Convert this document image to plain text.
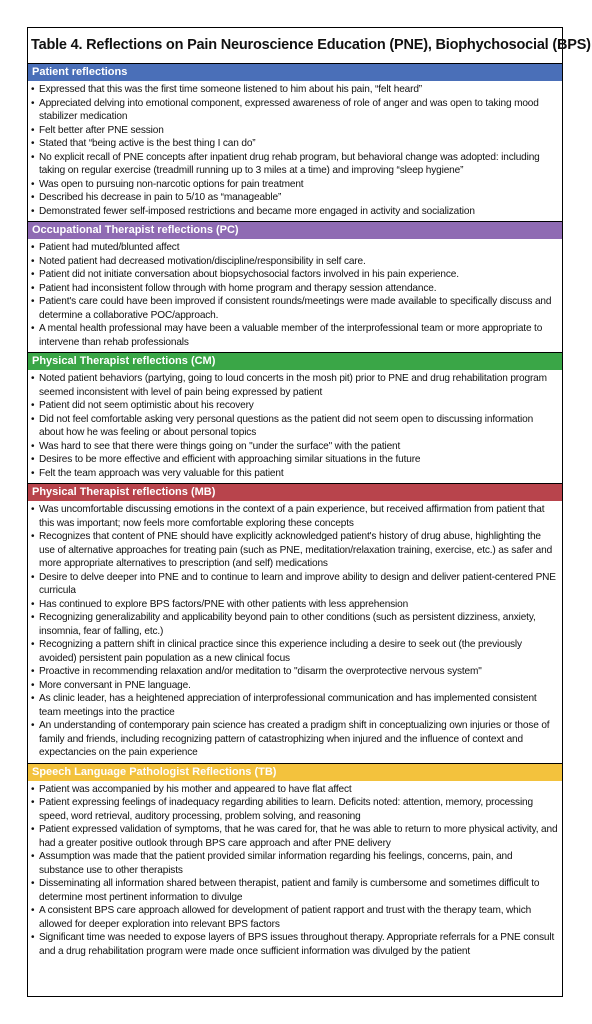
Table 4. Reflections on Pain Neuroscience Education (PNE), Biophychosocial (BPS)
Patient reflections
• Expressed that this was the first time someone listened to him about his pain, “felt heard”
• Appreciated delving into emotional component, expressed awareness of role of anger and was open to taking mood stabilizer medication
• Felt better after PNE session
• Stated that “being active is the best thing I can do”
• No explicit recall of PNE concepts after inpatient drug rehab program, but behavioral change was adopted: including taking on regular exercise (treadmill running up to 3 miles at a time) and improving “sleep hygiene”
• Was open to pursuing non-narcotic options for pain treatment
• Described his decrease in pain to 5/10 as “manageable”
• Demonstrated fewer self-imposed restrictions and became more engaged in activity and socialization
Occupational Therapist reflections (PC)
• Patient had muted/blunted affect
• Noted patient had decreased motivation/discipline/responsibility in self care.
• Patient did not initiate conversation about biopsychosocial factors involved in his pain experience.
• Patient had inconsistent follow through with home program and therapy session attendance.
• Patient's care could have been improved if consistent rounds/meetings were made available to specifically discuss and determine a collaborative POC/approach.
• A mental health professional may have been a valuable member of the interprofessional team or more appropriate to intervene than rehab professionals
Physical Therapist reflections (CM)
• Noted patient behaviors (partying, going to loud concerts in the mosh pit) prior to PNE and drug rehabilitation program seemed inconsistent with level of pain being expressed by patient
• Patient did not seem optimistic about his recovery
• Did not feel comfortable asking very personal questions as the patient did not seem open to discussing information about how he was feeling or about personal topics
• Was hard to see that there were things going on "under the surface" with the patient
• Desires to be more effective and efficient with approaching similar situations in the future
• Felt the team approach was very valuable for this patient
Physical Therapist reflections (MB)
• Was uncomfortable discussing emotions in the context of a pain experience, but received affirmation from patient that this was important; now feels more comfortable exploring these concepts
• Recognizes that content of PNE should have explicitly acknowledged patient's history of drug abuse, highlighting the use of alternative approaches for treating pain (such as PNE, meditation/relaxation training, exercise, etc.) as safer and more appropriate alternatives to prescription (and self) medications
• Desire to delve deeper into PNE and to continue to learn and improve ability to design and deliver patient-centered PNE curricula
• Has continued to explore BPS factors/PNE with other patients with less apprehension
• Recognizing generalizability and applicability beyond pain to other conditions (such as persistent dizziness, anxiety, insomnia, fear of falling, etc.)
• Recognizing a pattern shift in clinical practice since this experience including a desire to seek out (the previously avoided) persistent pain population as a new clinical focus
• Proactive in recommending relaxation and/or meditation to "disarm the overprotective nervous system"
• More conversant in PNE language.
• As clinic leader, has a heightened appreciation of interprofessional communication and has implemented consistent team meetings into the practice
• An understanding of contemporary pain science has created a pradigm shift in conceptualizing own injuries or those of family and friends, including recognizing pattern of catastrophizing when injured and the influence of context and expectancies on the pain experience
Speech Language Pathologist Reflections (TB)
• Patient was accompanied by his mother and appeared to have flat affect
• Patient expressing feelings of inadequacy regarding abilities to learn. Deficits noted: attention, memory, processing speed, word retrieval, auditory processing, problem solving, and reasoning
• Patient expressed validation of symptoms, that he was cared for, that he was able to return to more physical activity, and had a greater positive outlook through BPS care approach and after PNE delivery
• Assumption was made that the patient provided similar information regarding his feelings, concerns, pain, and substance use to other therapists
• Disseminating all information shared between therapist, patient and family is cumbersome and sometimes difficult to determine most pertinent information to divulge
• A consistent BPS care approach allowed for development of patient rapport and trust with the therapy team, which allowed for deeper exploration into relevant BPS factors
• Significant time was needed to expose layers of BPS issues throughout therapy. Appropriate referrals for a PNE consult and a drug rehabilitation program were made once sufficient information was divulged by the patient
